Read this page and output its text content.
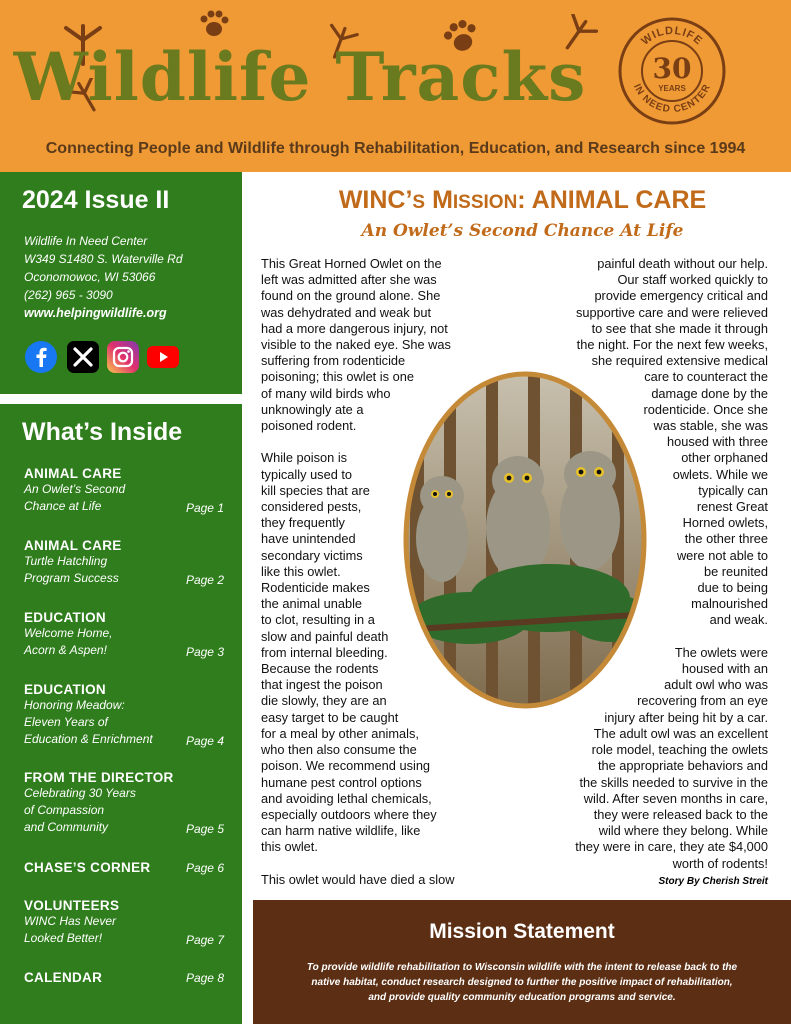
Wildlife Tracks	WILDLIFE
IN NEED CENTER
30
YEARS
Connecting People and Wildlife through Rehabilitation, Education, and Research since 1994
2024 Issue II
Wildlife In Need Center
W349 S1480 S. Waterville Rd
Oconomowoc, WI 53066
(262) 965 - 3090
www.helpingwildlife.org
What’s Inside
ANIMAL CARE
An Owlet’s Second
Chance at Life	Page 1
ANIMAL CARE
Turtle Hatchling
Program Success	Page 2
EDUCATION
Welcome Home,
Acorn & Aspen!	Page 3
EDUCATION
Honoring Meadow:
Eleven Years of
Education & Enrichment	Page 4
FROM THE DIRECTOR
Celebrating 30 Years
of Compassion
and Community	Page 5
CHASE’S CORNER	Page 6
VOLUNTEERS
WINC Has Never
Looked Better!	Page 7
CALENDAR	Page 8
WINC’S MISSION: ANIMAL CARE
An Owlet’s Second Chance At Life
This Great Horned Owlet on the
left was admitted after she was
found on the ground alone. She
was dehydrated and weak but
had a more dangerous injury, not
visible to the naked eye. She was
suffering from rodenticide
poisoning; this owlet is one
of many wild birds who
unknowingly ate a
poisoned rodent.

While poison is
typically used to
kill species that are
considered pests,
they frequently
have unintended
secondary victims
like this owlet.
Rodenticide makes
the animal unable
to clot, resulting in a
slow and painful death
from internal bleeding.
Because the rodents
that ingest the poison
die slowly, they are an
easy target to be caught
for a meal by other animals,
who then also consume the
poison. We recommend using
humane pest control options
and avoiding lethal chemicals,
especially outdoors where they
can harm native wildlife, like
this owlet.

This owlet would have died a slow
painful death without our help.
Our staff worked quickly to
provide emergency critical and
supportive care and were relieved
to see that she made it through
the night. For the next few weeks,
she required extensive medical
care to counteract the
damage done by the
rodenticide. Once she
was stable, she was
housed with three
other orphaned
owlets. While we
typically can
renest Great
Horned owlets,
the other three
were not able to
be reunited
due to being
malnourished
and weak.

The owlets were
housed with an
adult owl who was
recovering from an eye
injury after being hit by a car.
The adult owl was an excellent
role model, teaching the owlets
the appropriate behaviors and
the skills needed to survive in the
wild. After seven months in care,
they were released back to the
wild where they belong. While
they were in care, they ate $4,000
worth of rodents!
Story By Cherish Streit
Mission Statement
To provide wildlife rehabilitation to Wisconsin wildlife with the intent to release back to the
native habitat, conduct research designed to further the positive impact of rehabilitation,
and provide quality community education programs and service.
